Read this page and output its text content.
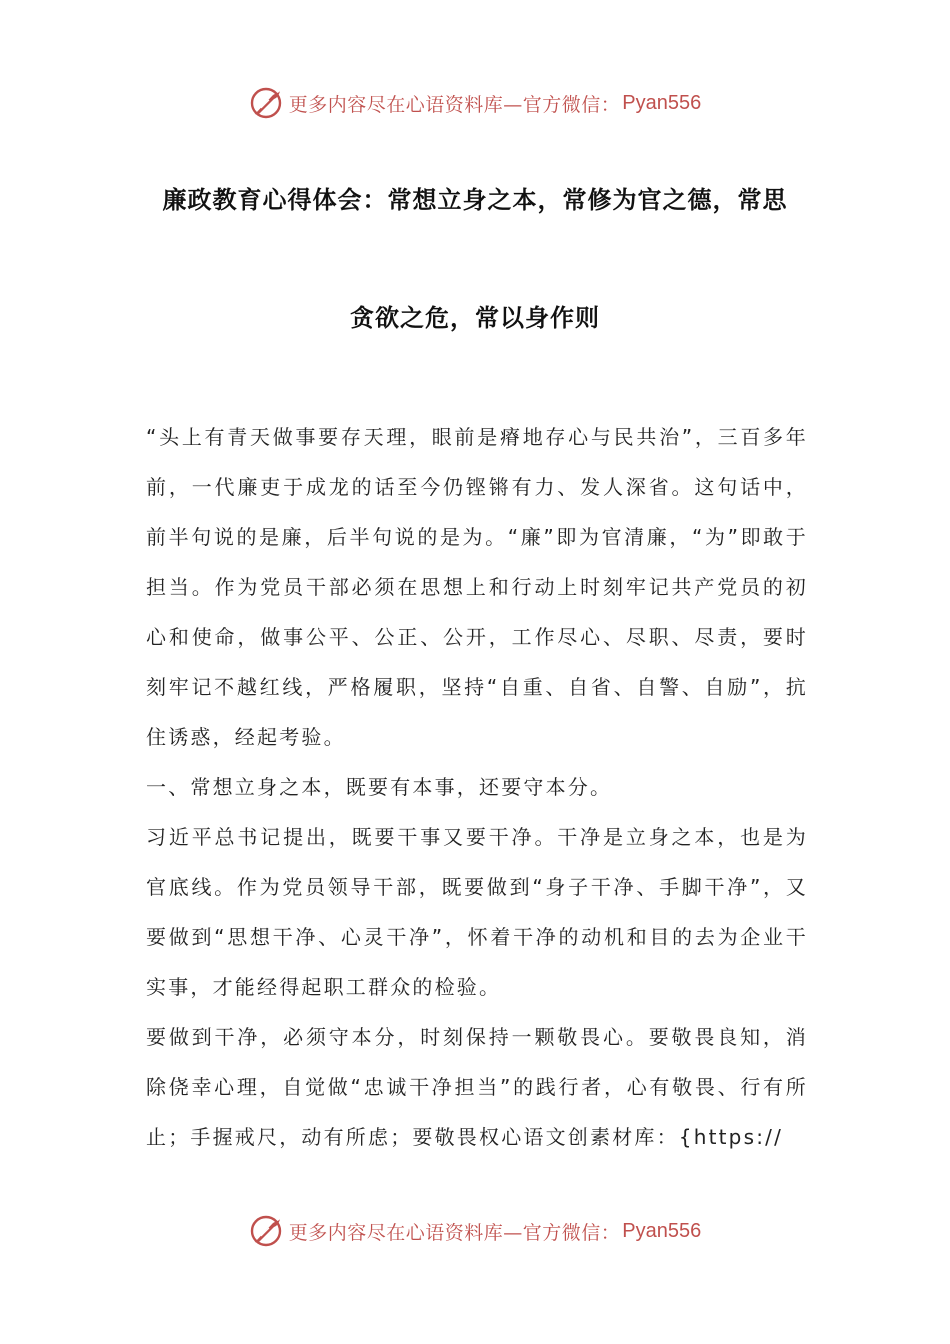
更多内容尽在心语资料库—官方微信： Pyan556
廉政教育心得体会：常想立身之本，常修为官之德，常思
贪欲之危，常以身作则

“头上有青天做事要存天理，眼前是瘠地存心与民共治”，三百多年前，一代廉吏于成龙的话至今仍铿锵有力、发人深省。这句话中，前半句说的是廉，后半句说的是为。“廉”即为官清廉，“为”即敢于担当。作为党员干部必须在思想上和行动上时刻牢记共产党员的初心和使命，做事公平、公正、公开，工作尽心、尽职、尽责，要时刻牢记不越红线，严格履职，坚持“自重、自省、自警、自励”，抗住诱惑，经起考验。

一、常想立身之本，既要有本事，还要守本分。

习近平总书记提出，既要干事又要干净。干净是立身之本，也是为官底线。作为党员领导干部，既要做到“身子干净、手脚干净”，又要做到“思想干净、心灵干净”，怀着干净的动机和目的去为企业干实事，才能经得起职工群众的检验。

要做到干净，必须守本分，时刻保持一颗敬畏心。要敬畏良知，消除侥幸心理，自觉做“忠诚干净担当”的践行者，心有敬畏、行有所止；手握戒尺，动有所虑；要敬畏权心语文创素材库：{https://

更多内容尽在心语资料库—官方微信： Pyan556
